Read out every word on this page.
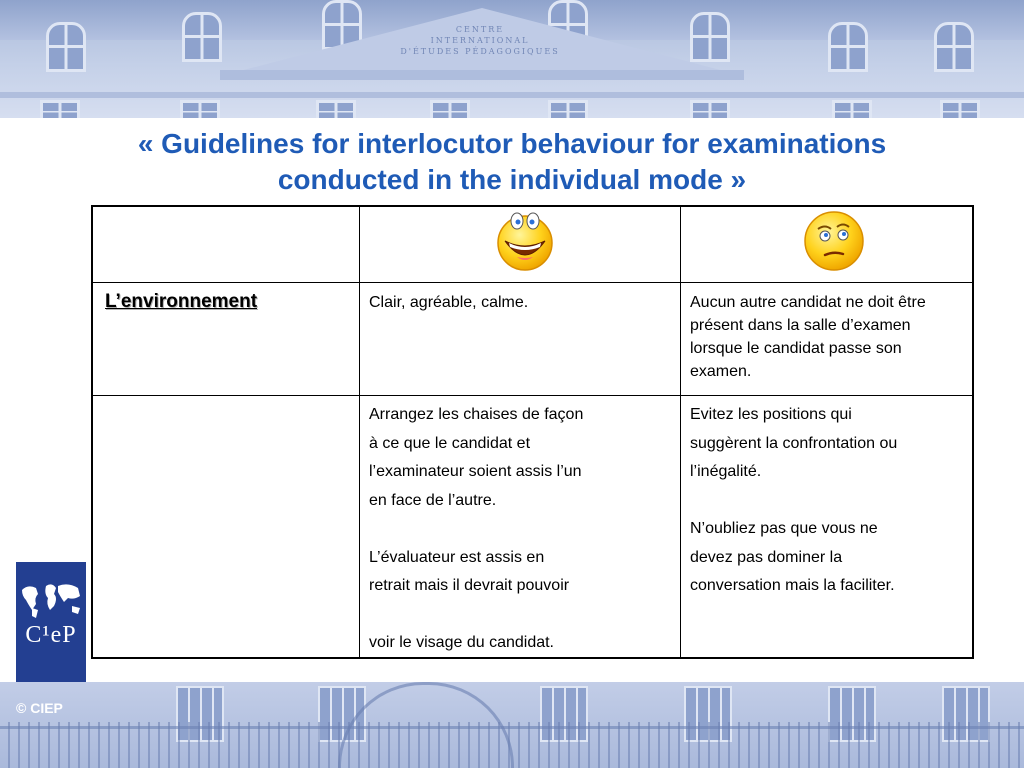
CENTRE
INTERNATIONAL
D'ÉTUDES PÉDAGOGIQUES
« Guidelines for interlocutor behaviour for examinations
conducted in the individual mode »
L’environnement	Clair, agréable, calme.	Aucun autre candidat ne doit être présent dans la salle d’examen lorsque le candidat passe son examen.
Arrangez les chaises de façon
à ce que le candidat et
l’examinateur soient assis l’un
en face de l’autre.
L’évaluateur est assis en
retrait mais il devrait pouvoir
voir le visage du candidat.
Evitez les positions qui
suggèrent la confrontation ou
l’inégalité.
N’oubliez pas que vous ne
devez pas dominer la
conversation mais la faciliter.
C¹eP
© CIEP
